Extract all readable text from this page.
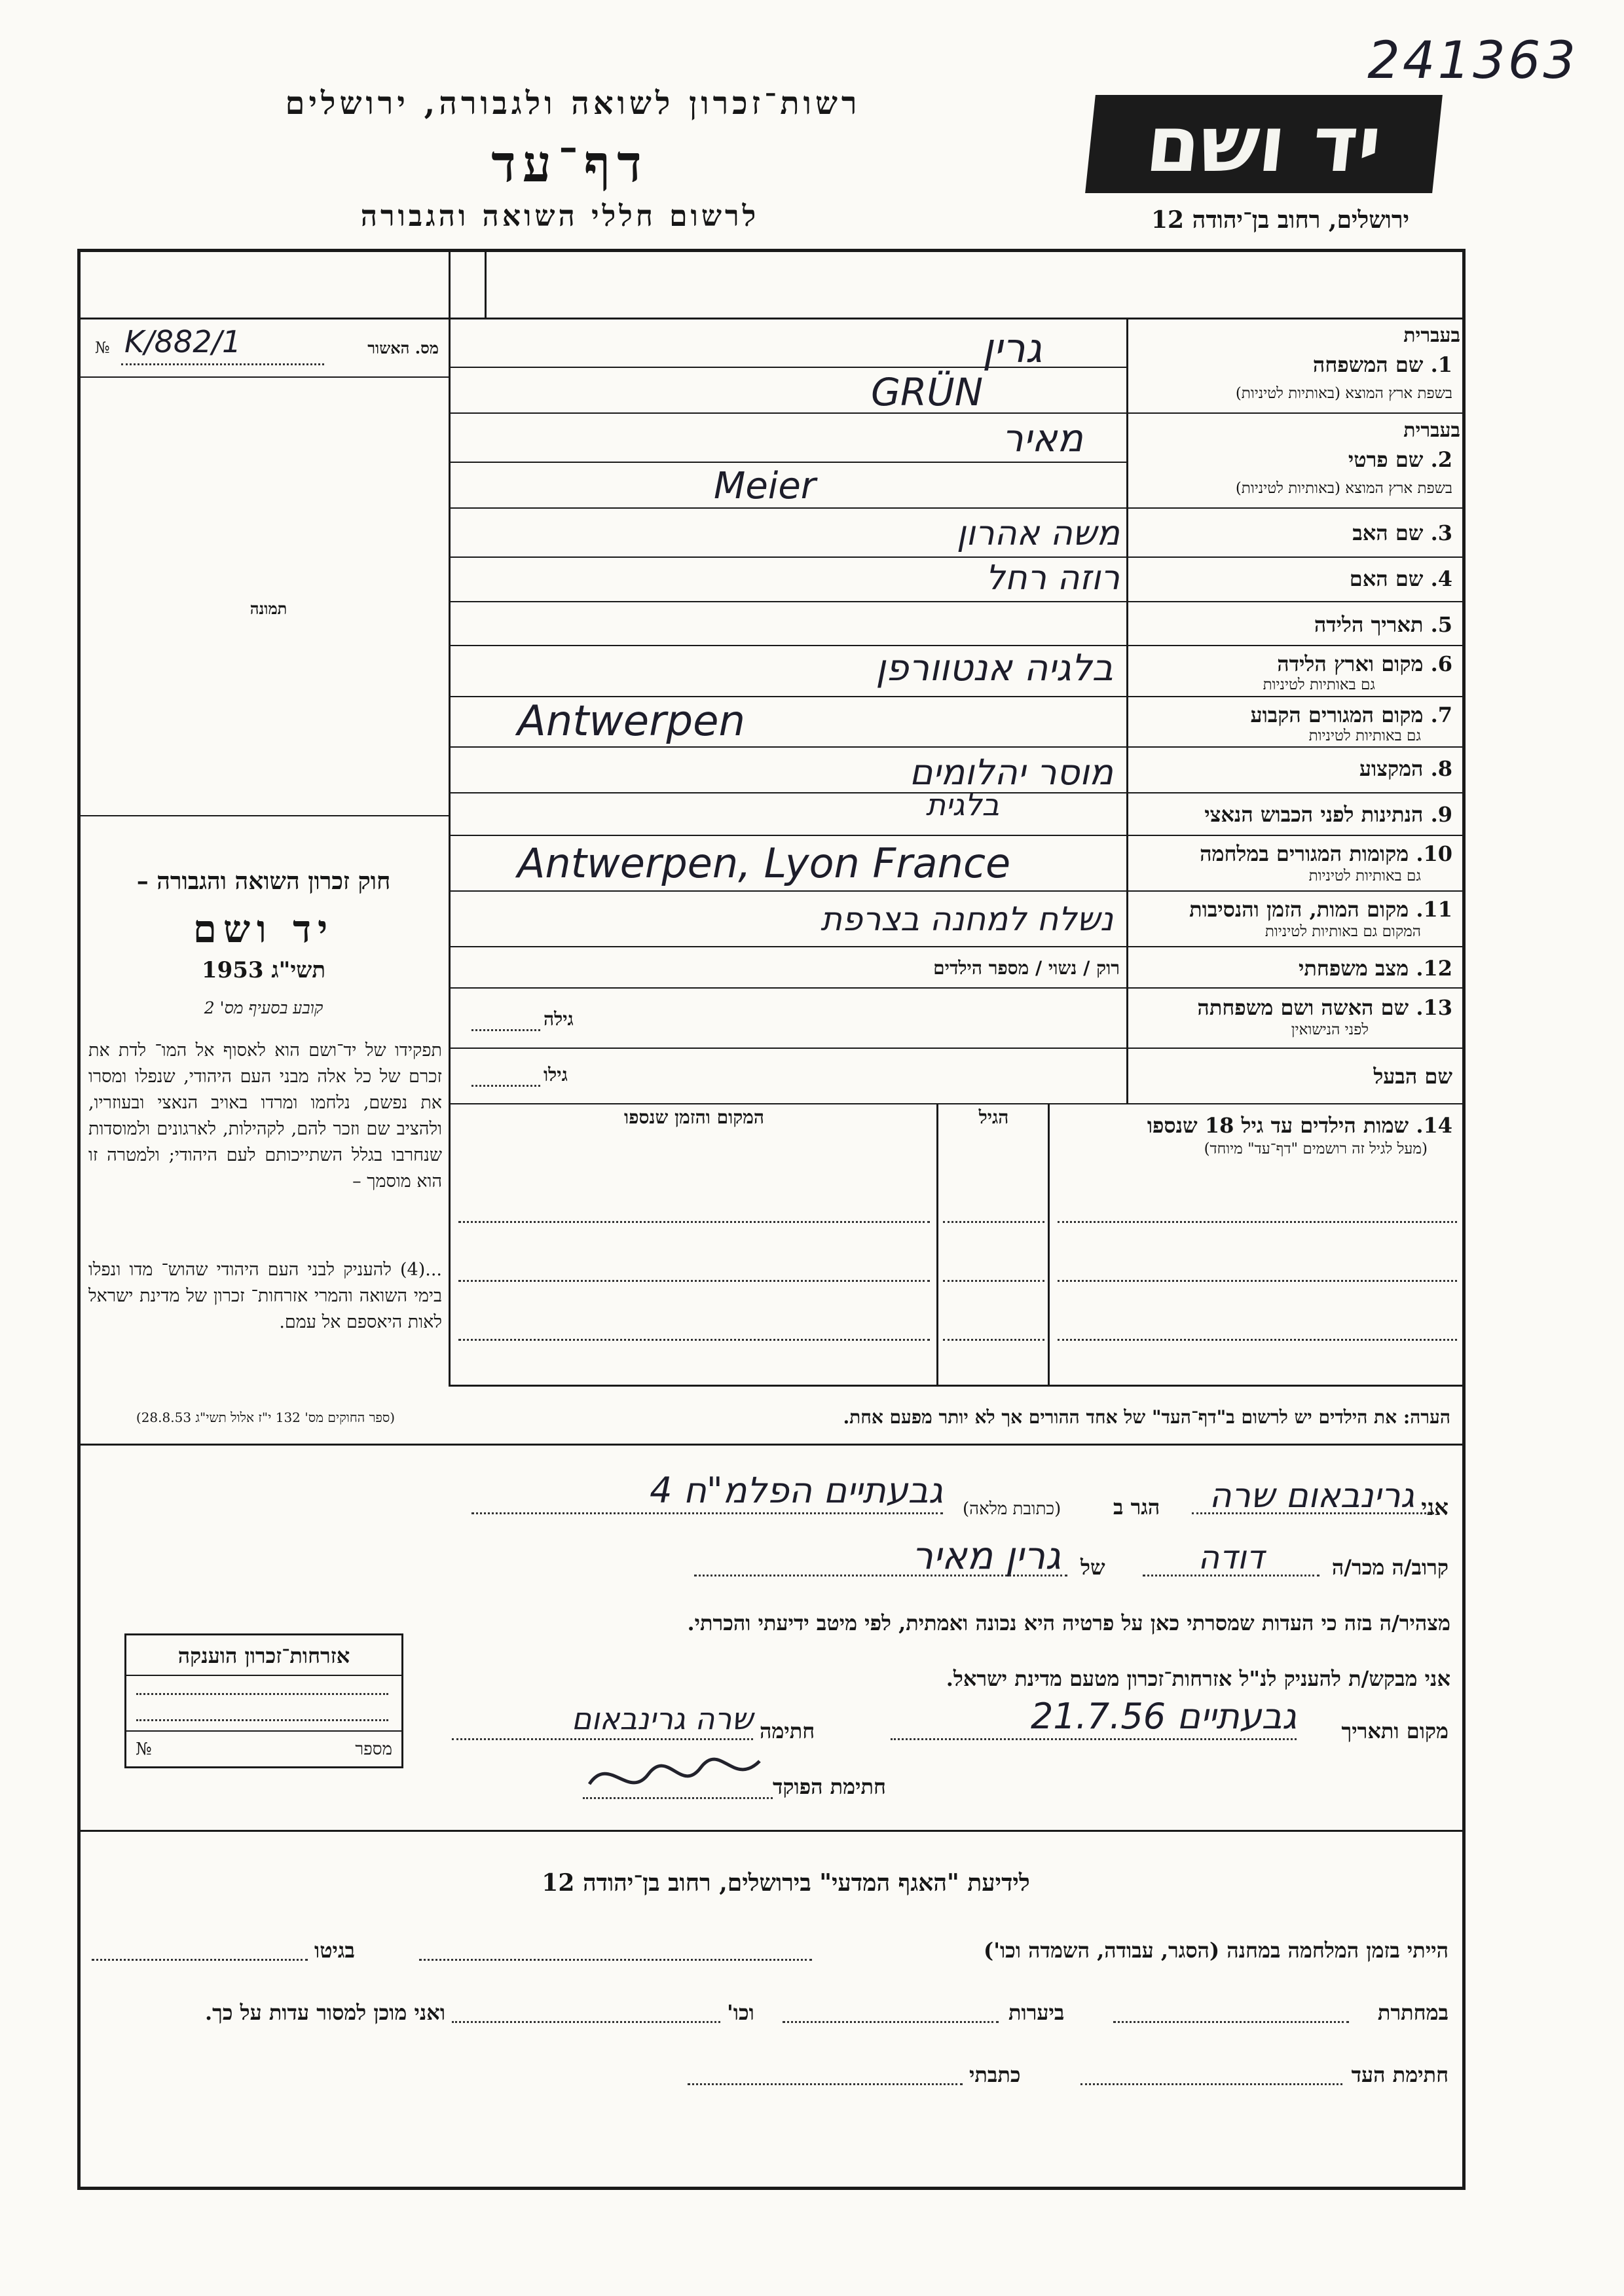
241363
רשות־זכרון לשואה ולגבורה, ירושלים
דף־עד
לרשום חללי השואה והגבורה
יד ושם
ירושלים, רחוב בן־יהודה 12
מס. האשור
№ K/882/1
תמונה
חוק זכרון השואה והגבורה –
יד ושם
תשי"ג 1953
קובע בסעיף מס' 2
תפקידו של יד־ושם הוא לאסוף אל המו־ לדת את זכרם של כל אלה מבני העם היהודי, שנפלו ומסרו את נפשם, נלחמו ומרדו באויב הנאצי ובעוזריו, ולהציב שם וזכר להם, לקהילות, לארגונים ולמוסדות שנחרבו בגלל השתייכותם לעם היהודי; ולמטרה זו הוא מוסמך –
...(4) להעניק לבני העם היהודי שהוש־ מדו ונפלו בימי השואה והמרי אזרחות־ זכרון של מדינת ישראל לאות היאספם אל עמם.
(ספר החוקים מס' 132 י"ז אלול תשי"ג 28.8.53)
בעברית
1. שם המשפחה
בשפת ארץ המוצא (באותיות לטיניות)
גרין
GRÜN
בעברית
2. שם פרטי
בשפת ארץ המוצא (באותיות לטיניות)
מאיר
Meier
3. שם האב
4. שם האם
5. תאריך הלידה
6. מקום וארץ הלידה
גם באותיות לטיניות
7. מקום המגורים הקבוע
גם באותיות לטיניות
8. המקצוע
9. הנתינות לפני הכבוש הנאצי
10. מקומות המגורים במלחמה
גם באותיות לטיניות
11. מקום המות, הזמן והנסיבות
המקום גם באותיות לטיניות
12. מצב משפחתי
13. שם האשה ושם משפחתה
לפני הנישואין
שם הבעל
משה אהרון
רוזה רחל
בלגיה אנטוורפן
Antwerpen
מוסר יהלומים
בלגית
Antwerpen, Lyon France
נשלח למחנה בצרפת
רוק / נשוי / מספר הילדים
גילה
גילו
14. שמות הילדים עד גיל 18 שנספו
(מעל לגיל זה רושמים "דף־עד" מיוחד)
הגיל
המקום והזמן שנספו
הערה: את הילדים יש לרשום ב"דף־העד" של אחד ההורים אך לא יותר מפעם אחת.
אני
גרינבאום שרה
הגר ב
(כתובת מלאה)
גבעתיים הפלמ"ח 4
קרוב/ה מכר/ה
דודה
של
גרין מאיר
מצהיר/ה בזה כי העדות שמסרתי כאן על פרטיה היא נכונה ואמתית, לפי מיטב ידיעתי והכרתי.
אני מבקש/ת להעניק לנ"ל אזרחות־זכרון מטעם מדינת ישראל.
מקום ותאריך
גבעתיים 21.7.56
חתימה
שרה גרינבאום
חתימת הפוקד
אזרחות־זכרון הוענקה
מספר
№
לידיעת "האגף המדעי" בירושלים, רחוב בן־יהודה 12
הייתי בזמן המלחמה במחנה (הסגר, עבודה, השמדה וכו')
בגיטו
במחתרת
ביערות
וכו'
ואני מוכן למסור עדות על כך.
חתימת העד
כתבתי
